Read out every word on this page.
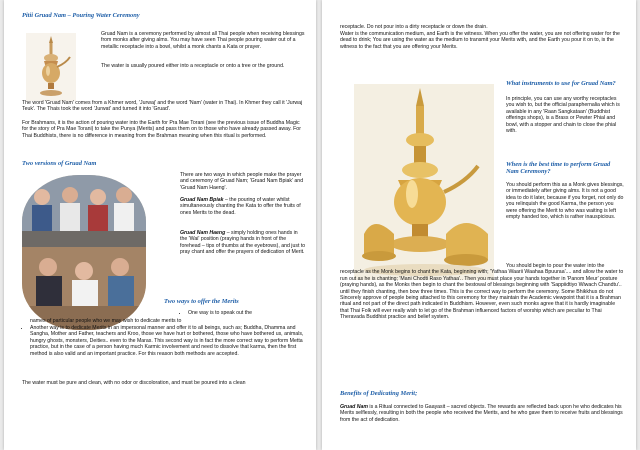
Pitii Gruad Nam – Pouring Water Ceremony

Gruad Nam is a ceremony performed by almost all Thai people when receiving blessings from monks after giving alms. You may have seen Thai people pouring water out of a metallic receptacle into a bowl, whilst a monk chants a Kata or prayer.

The water is usually poured either into a receptacle or onto a tree or the ground.

The word 'Gruad Nam' comes from a Khmer word, 'Jurwaj' and the word 'Nam' (water in Thai). In Khmer they call it 'Jurwaj Teuk'. The Thais took the word 'Jurwat' and turned it into 'Gruad'.

For Brahmans, it is the action of pouring water into the Earth for Pra Mae Torani (see the previous issue of Buddha Magic for the story of Pra Mae Torani) to take the Punya (Merits) and pass them on to those who have already passed away. For Thai Buddhists, there is no difference in meaning from the Brahman meaning when this ritual is performed.

Two versions of Gruad Nam

There are two ways in which people make the prayer and ceremony of Gruad Nam; 'Gruad Nam Bpiak' and 'Gruad Nam Haeng'.

Gruad Nam Bpiak – the pouring of water whilst simultaneously chanting the Kata to offer the fruits of ones Merits to the dead.

Gruad Nam Haeng – simply holding ones hands in the 'Wai' position (praying hands in front of the forehead – tips of thumbs at the eyebrows), and just to pray chant and offer the prayers of dedication of Merit.

Two ways to offer the Merits

• One way is to speak out the

names of particular people who we may wish to dedicate merits to

• Another way is to dedicate Merits in an impersonal manner and offer it to all beings, such as; Buddha, Dhamma and Sangha, Mother and Father, teachers and Kroo, those we have hurt or bothered, those who have bothered us, animals, hungry ghosts, monsters, Deities.. even to the Maras. This second way is in fact the more correct way to perform Metta practice, but in the case of a person having much Karmic involvement and need to dissolve that karma, then the first method is also valid and an important practice. For this reason both methods are accepted.

The water must be pure and clean, with no odor or discoloration, and must be poured into a clean

receptacle. Do not pour into a dirty receptacle or down the drain.

Water is the communication medium, and Earth is the witness. When you offer the water, you are not offering water for the dead to drink; You are using the water as the medium to transmit your Merits with, and the Earth you pour it on to, is the witness to the fact that you are offering your Merits.

What instruments to use for Gruad Nam?

In principle, you can use any worthy receptacles you wish to, but the official paraphernalia which is available in any 'Raan Sangkataan' (Buddhist offerings shops), is a Brass or Pewter Phial and bowl, with a stopper and chain to close the phial with.

When is the best time to perform Gruad Nam Ceremony?

You should perform this as a Monk gives blessings, or immediately after giving alms. It is not a good idea to do it later, because if you forget, not only do you relinquish the good Karma, the person you were offering the Merit to who was waiting is left empty handed too, which is rather inauspicious.

You should begin to pour the water into the receptacle as the Monk begins to chant the Kata, beginning with; 'Yathaa Waarii Waahaa Bpuuraa'.... and allow the water to run out as he is chanting; 'Mani Chodti Raso Yathaa'.. Then you must place your hands together in 'Panom Meur' posture (praying hands), as the Monks then begin to chant the bestowal of blessings beginning with 'Sappiidtiyo Wiwach Chandtu'.. until they finish chanting, then bow three times. This is the correct way to perform the ceremony. Some Bhikkhus do not Sincerely approve of people being attached to this ceremony for they maintain the Academic viewpoint that it is a Brahman ritual and not part of the direct path indicated in Buddhism. However, even such monks agree that it is hardly imaginable that Thai Folk will ever really wish to let go of the Brahman influenced factors of worship which are peculiar to Thai Theravada Buddhist practice and belief system.

Benefits of Dedicating Merit;

Gruad Nam is a Ritual connected to Gaayasit – sacred objects. The rewards are reflected back upon he who dedicates his Merits selflessly, resulting in both the people who received the Merits, and he who gave them to receive fruits and blessings from the act of dedication.
